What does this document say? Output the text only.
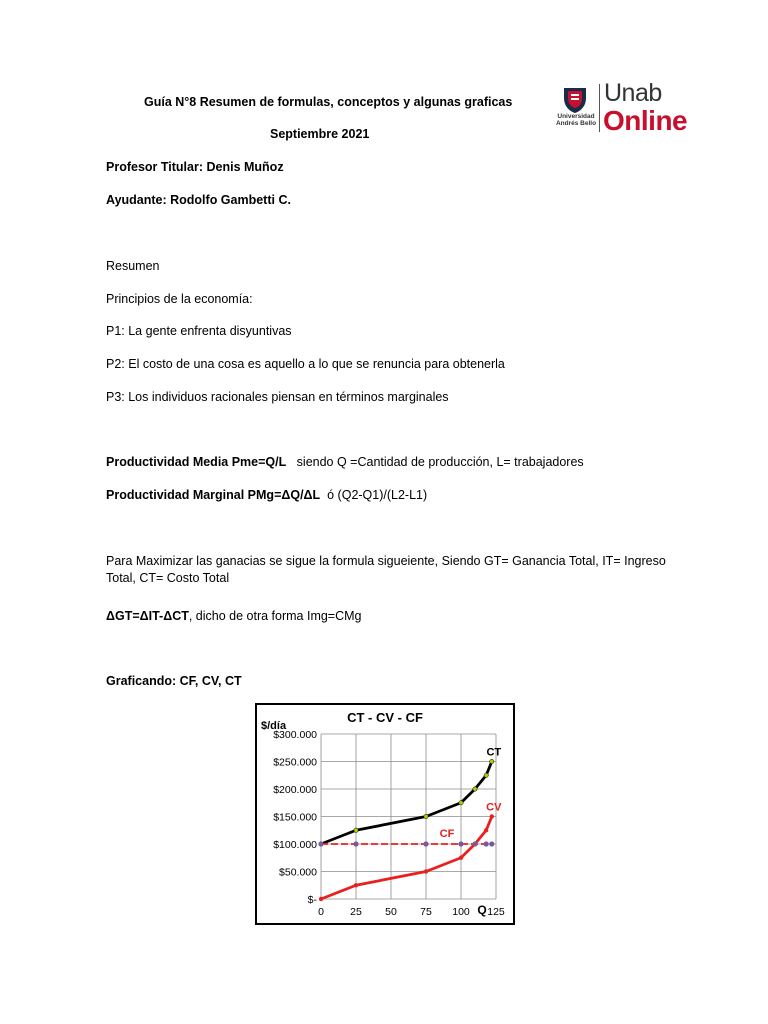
Guía N°8 Resumen de formulas, conceptos y algunas graficas
Septiembre 2021
Profesor Titular: Denis Muñoz
Ayudante: Rodolfo Gambetti C.
Universidad
Andrés Bello
Unab
Online
Resumen
Principios de la economía:
P1: La gente enfrenta disyuntivas
P2: El costo de una cosa es aquello a lo que se renuncia para obtenerla
P3: Los individuos racionales piensan en términos marginales
Productividad Media Pme=Q/L   siendo Q =Cantidad de producción, L= trabajadores
Productividad Marginal PMg=ΔQ/ΔL  ó (Q2-Q1)/(L2-L1)
Para Maximizar las ganacias se sigue la formula sigueiente, Siendo GT= Ganancia Total, IT= Ingreso Total, CT= Costo Total
ΔGT=ΔIT-ΔCT, dicho de otra forma Img=CMg
Graficando: CF, CV, CT
CT - CV - CF
$/día
$-
$50.000
$100.000
$150.000
$200.000
$250.000
$300.000
0 25 50 75 100 125
Q
CT
CV
CF
